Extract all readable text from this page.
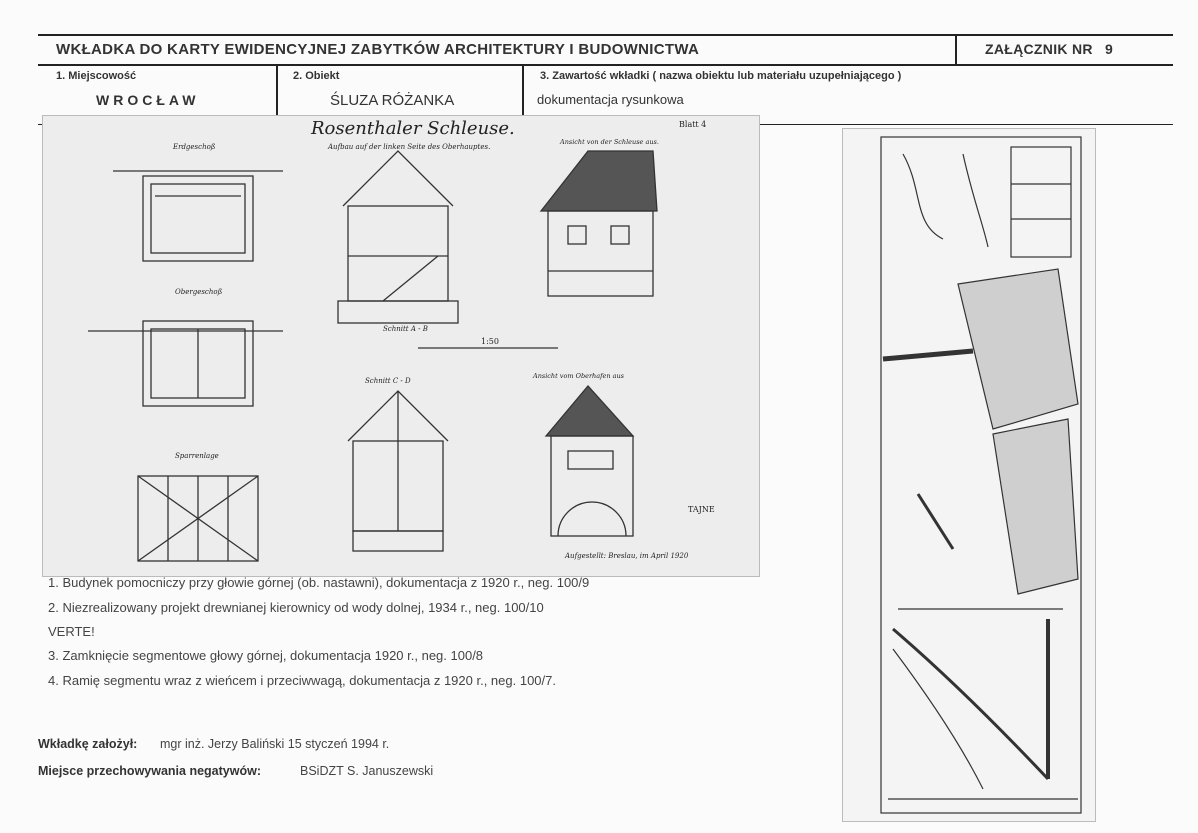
WKŁADKA DO KARTY EWIDENCYJNEJ ZABYTKÓW ARCHITEKTURY I BUDOWNICTWA	ZAŁĄCZNIK NR 9
1. Miejscowość
WROCŁAW
2. Obiekt
ŚLUZA RÓŻANKA
3. Zawartość wkładki ( nazwa obiektu lub materiału uzupełniającego )
dokumentacja rysunkowa
Rosenthaler Schleuse.
Aufbau auf der linken Seite des Oberhauptes.
Blatt 4
Erdgeschoß
Obergeschoß
Sparrenlage
Schnitt A - B
Schnitt C - D
Ansicht von der Schleuse aus.
Ansicht vom Oberhafen aus
1:50
TAJNE
Aufgestellt: Breslau, im April 1920
1. Budynek pomocniczy przy głowie górnej (ob. nastawni), dokumentacja z 1920 r., neg. 100/9
2. Niezrealizowany projekt drewnianej kierownicy od wody dolnej, 1934 r., neg. 100/10
VERTE!
3. Zamknięcie segmentowe głowy górnej, dokumentacja 1920 r., neg. 100/8
4. Ramię segmentu wraz z wieńcem i przeciwwagą, dokumentacja z 1920 r., neg. 100/7.
Wkładkę założył: mgr inż. Jerzy Baliński 15 styczeń 1994 r.
Miejsce przechowywania negatywów:	BSiDZT S. Januszewski
